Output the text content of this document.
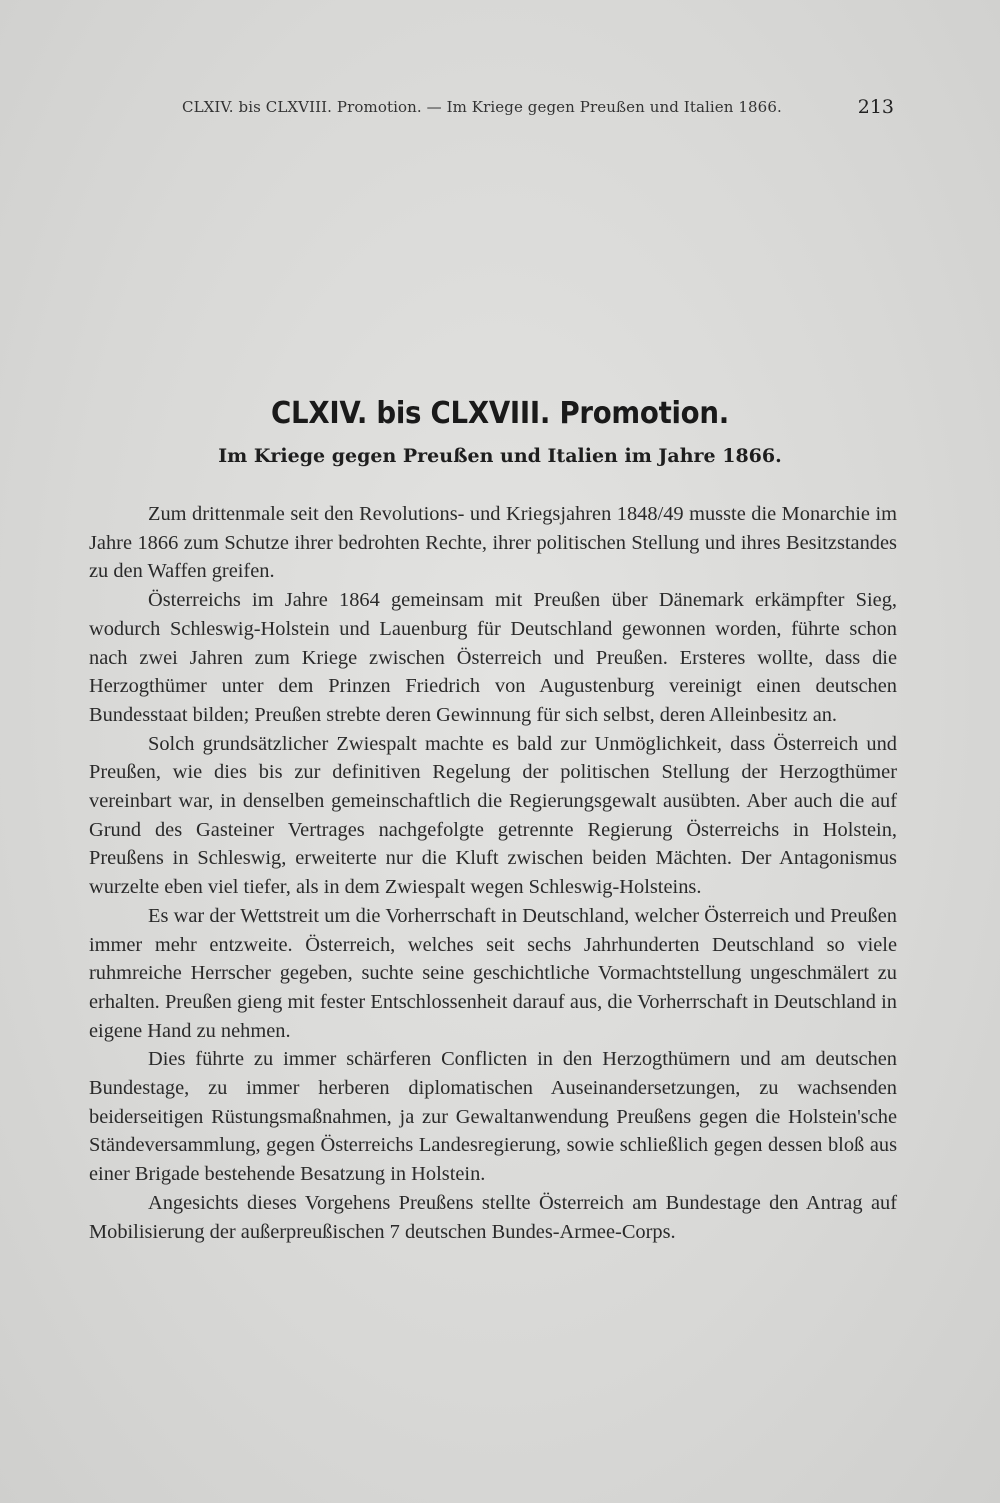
CLXIV. bis CLXVIII. Promotion. — Im Kriege gegen Preußen und Italien 1866.	213
CLXIV. bis CLXVIII. Promotion.
Im Kriege gegen Preußen und Italien im Jahre 1866.

Zum drittenmale seit den Revolutions- und Kriegsjahren 1848/49 musste die Monarchie im Jahre 1866 zum Schutze ihrer bedrohten Rechte, ihrer politischen Stellung und ihres Besitzstandes zu den Waffen greifen.

Österreichs im Jahre 1864 gemeinsam mit Preußen über Dänemark erkämpfter Sieg, wodurch Schleswig-Holstein und Lauenburg für Deutschland gewonnen worden, führte schon nach zwei Jahren zum Kriege zwischen Österreich und Preußen. Ersteres wollte, dass die Herzogthümer unter dem Prinzen Friedrich von Augustenburg vereinigt einen deutschen Bundesstaat bilden; Preußen strebte deren Gewinnung für sich selbst, deren Alleinbesitz an.

Solch grundsätzlicher Zwiespalt machte es bald zur Unmöglichkeit, dass Österreich und Preußen, wie dies bis zur definitiven Regelung der politischen Stellung der Herzogthümer vereinbart war, in denselben gemeinschaftlich die Regierungsgewalt ausübten. Aber auch die auf Grund des Gasteiner Vertrages nachgefolgte getrennte Regierung Österreichs in Holstein, Preußens in Schleswig, erweiterte nur die Kluft zwischen beiden Mächten. Der Antagonismus wurzelte eben viel tiefer, als in dem Zwiespalt wegen Schleswig-Holsteins.

Es war der Wettstreit um die Vorherrschaft in Deutschland, welcher Österreich und Preußen immer mehr entzweite. Österreich, welches seit sechs Jahrhunderten Deutschland so viele ruhmreiche Herrscher gegeben, suchte seine geschichtliche Vormachtstellung ungeschmälert zu erhalten. Preußen gieng mit fester Entschlossenheit darauf aus, die Vorherrschaft in Deutschland in eigene Hand zu nehmen.

Dies führte zu immer schärferen Conflicten in den Herzogthümern und am deutschen Bundestage, zu immer herberen diplomatischen Auseinandersetzungen, zu wachsenden beiderseitigen Rüstungsmaßnahmen, ja zur Gewaltanwendung Preußens gegen die Holstein'sche Ständeversammlung, gegen Österreichs Landesregierung, sowie schließlich gegen dessen bloß aus einer Brigade bestehende Besatzung in Holstein.

Angesichts dieses Vorgehens Preußens stellte Österreich am Bundestage den Antrag auf Mobilisierung der außerpreußischen 7 deutschen Bundes-Armee-Corps.
